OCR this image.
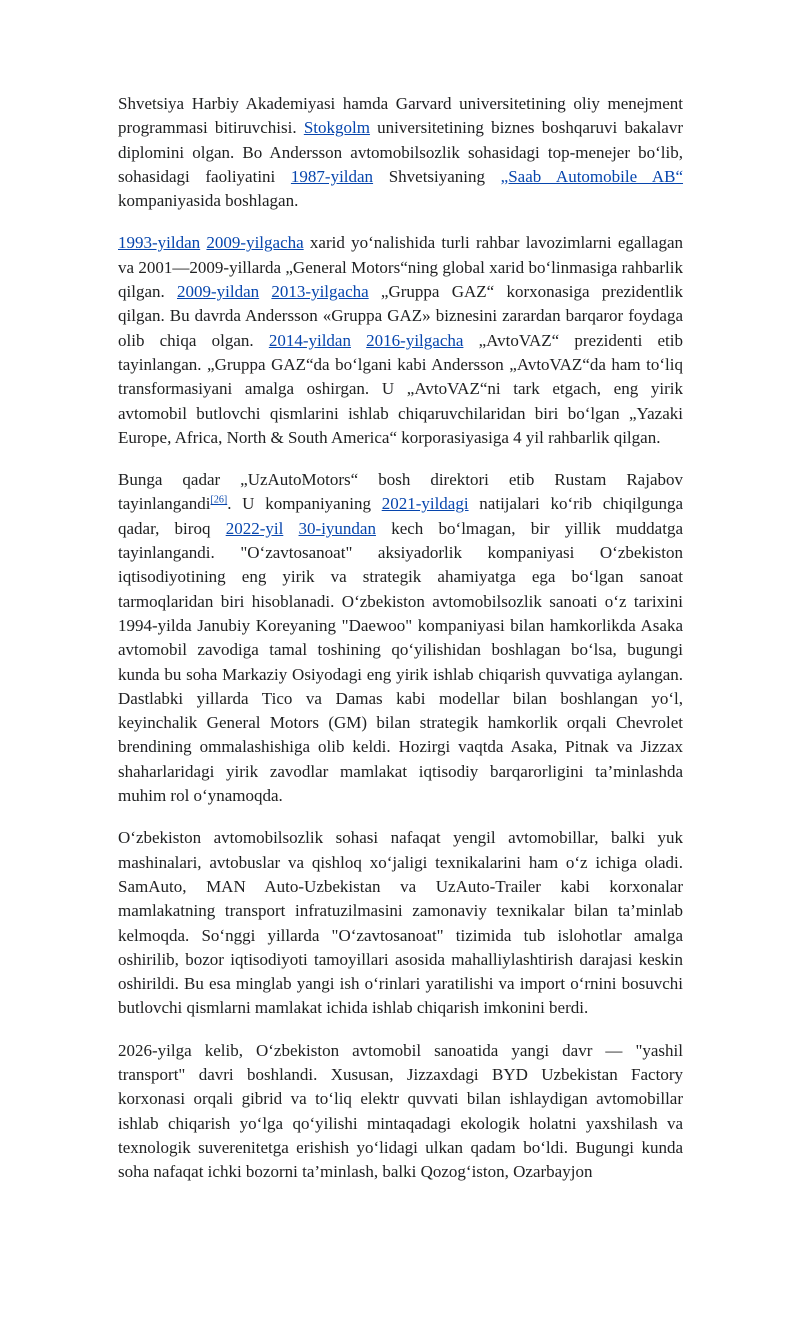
Shvetsiya Harbiy Akademiyasi hamda Garvard universitetining oliy menejment programmasi bitiruvchisi. Stokgolm universitetining biznes boshqaruvi bakalavr diplomini olgan. Bo Andersson avtomobilsozlik sohasidagi top-menejer bo‘lib, sohasidagi faoliyatini 1987-yildan Shvetsiyaning „Saab Automobile AB“ kompaniyasida boshlagan.

1993-yildan 2009-yilgacha xarid yo‘nalishida turli rahbar lavozimlarni egallagan va 2001—2009-yillarda „General Motors“ning global xarid bo‘linmasiga rahbarlik qilgan. 2009-yildan 2013-yilgacha „Gruppa GAZ“ korxonasiga prezidentlik qilgan. Bu davrda Andersson «Gruppa GAZ» biznesini zarardan barqaror foydaga olib chiqa olgan. 2014-yildan 2016-yilgacha „AvtoVAZ“ prezidenti etib tayinlangan. „Gruppa GAZ“da bo‘lgani kabi Andersson „AvtoVAZ“da ham to‘liq transformasiyani amalga oshirgan. U „AvtoVAZ“ni tark etgach, eng yirik avtomobil butlovchi qismlarini ishlab chiqaruvchilaridan biri bo‘lgan „Yazaki Europe, Africa, North & South America“ korporasiyasiga 4 yil rahbarlik qilgan.

Bunga qadar „UzAutoMotors“ bosh direktori etib Rustam Rajabov tayinlangandi[26]. U kompaniyaning 2021-yildagi natijalari ko‘rib chiqilgunga qadar, biroq 2022-yil 30-iyundan kech bo‘lmagan, bir yillik muddatga tayinlangandi. "O‘zavtosanoat" aksiyadorlik kompaniyasi O‘zbekiston iqtisodiyotining eng yirik va strategik ahamiyatga ega bo‘lgan sanoat tarmoqlaridan biri hisoblanadi. O‘zbekiston avtomobilsozlik sanoati o‘z tarixini 1994-yilda Janubiy Koreyaning "Daewoo" kompaniyasi bilan hamkorlikda Asaka avtomobil zavodiga tamal toshining qo‘yilishidan boshlagan bo‘lsa, bugungi kunda bu soha Markaziy Osiyodagi eng yirik ishlab chiqarish quvvatiga aylangan. Dastlabki yillarda Tico va Damas kabi modellar bilan boshlangan yo‘l, keyinchalik General Motors (GM) bilan strategik hamkorlik orqali Chevrolet brendining ommalashishiga olib keldi. Hozirgi vaqtda Asaka, Pitnak va Jizzax shaharlaridagi yirik zavodlar mamlakat iqtisodiy barqarorligini ta’minlashda muhim rol o‘ynamoqda.

O‘zbekiston avtomobilsozlik sohasi nafaqat yengil avtomobillar, balki yuk mashinalari, avtobuslar va qishloq xo‘jaligi texnikalarini ham o‘z ichiga oladi. SamAuto, MAN Auto-Uzbekistan va UzAuto-Trailer kabi korxonalar mamlakatning transport infratuzilmasini zamonaviy texnikalar bilan ta’minlab kelmoqda. So‘nggi yillarda "O‘zavtosanoat" tizimida tub islohotlar amalga oshirilib, bozor iqtisodiyoti tamoyillari asosida mahalliylashtirish darajasi keskin oshirildi. Bu esa minglab yangi ish o‘rinlari yaratilishi va import o‘rnini bosuvchi butlovchi qismlarni mamlakat ichida ishlab chiqarish imkonini berdi.

2026-yilga kelib, O‘zbekiston avtomobil sanoatida yangi davr — "yashil transport" davri boshlandi. Xususan, Jizzaxdagi BYD Uzbekistan Factory korxonasi orqali gibrid va to‘liq elektr quvvati bilan ishlaydigan avtomobillar ishlab chiqarish yo‘lga qo‘yilishi mintaqadagi ekologik holatni yaxshilash va texnologik suverenitetga erishish yo‘lidagi ulkan qadam bo‘ldi. Bugungi kunda soha nafaqat ichki bozorni ta’minlash, balki Qozog‘iston, Ozarbayjon
